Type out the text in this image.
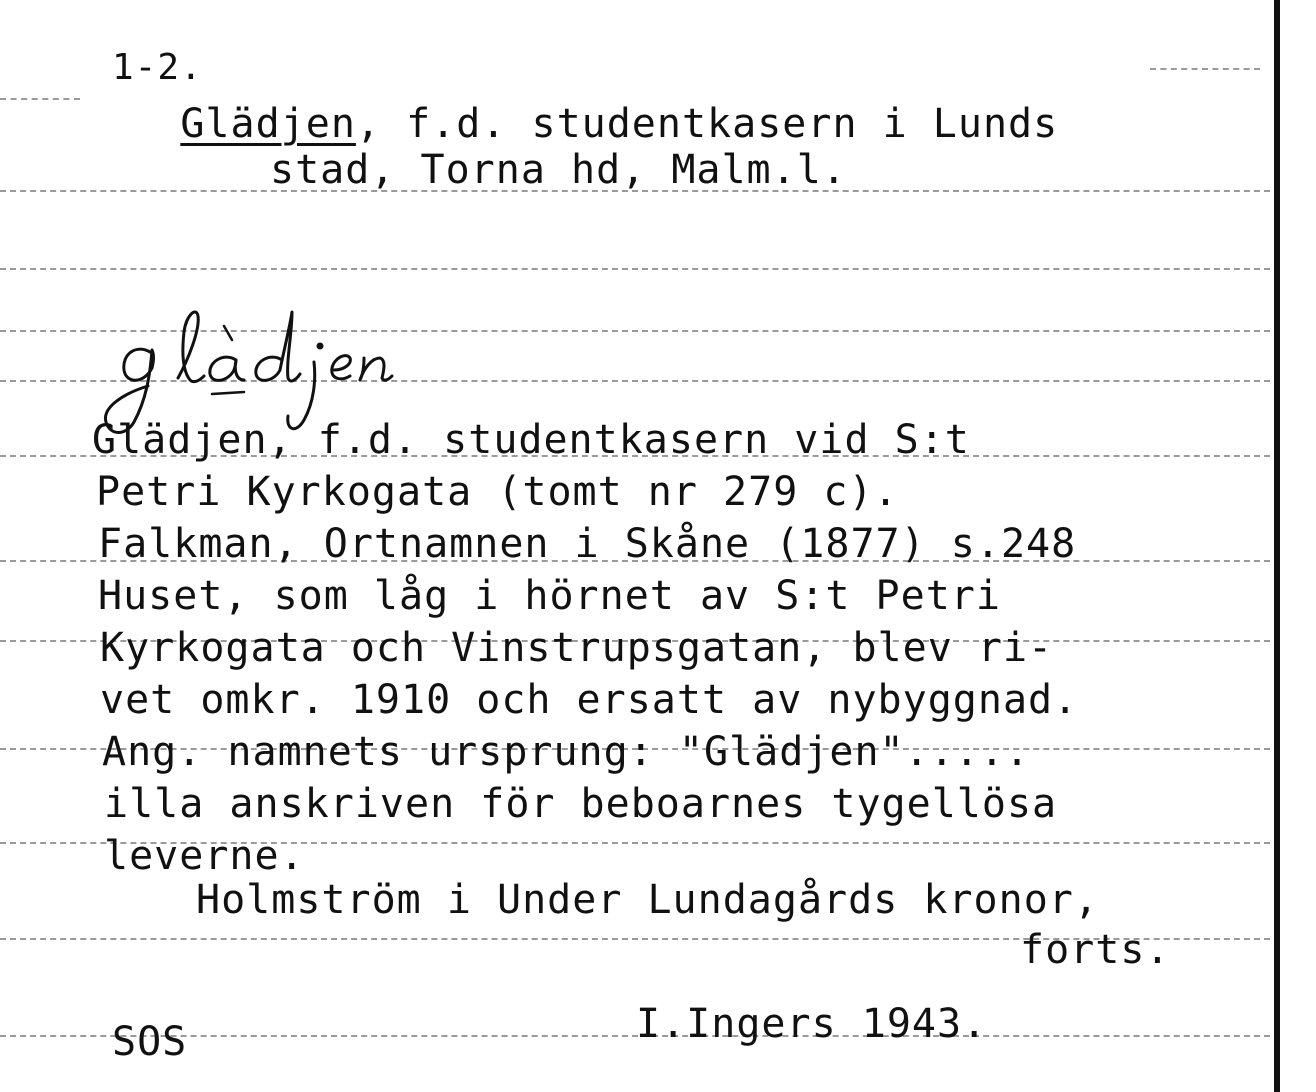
1-2.

Glädjen, f.d. studentkasern i Lunds

stad, Torna hd, Malm.l.
Glädjen, f.d. studentkasern vid S:t
Petri Kyrkogata (tomt nr 279 c).
Falkman, Ortnamnen i Skåne (1877) s.248
Huset, som låg i hörnet av S:t Petri
Kyrkogata och Vinstrupsgatan, blev ri-
vet omkr. 1910 och ersatt av nybyggnad.
Ang. namnets ursprung: "Glädjen".....
illa anskriven för beboarnes tygellösa
leverne.
Holmström i Under Lundagårds kronor,
forts.
SOS	I.Ingers 1943.
